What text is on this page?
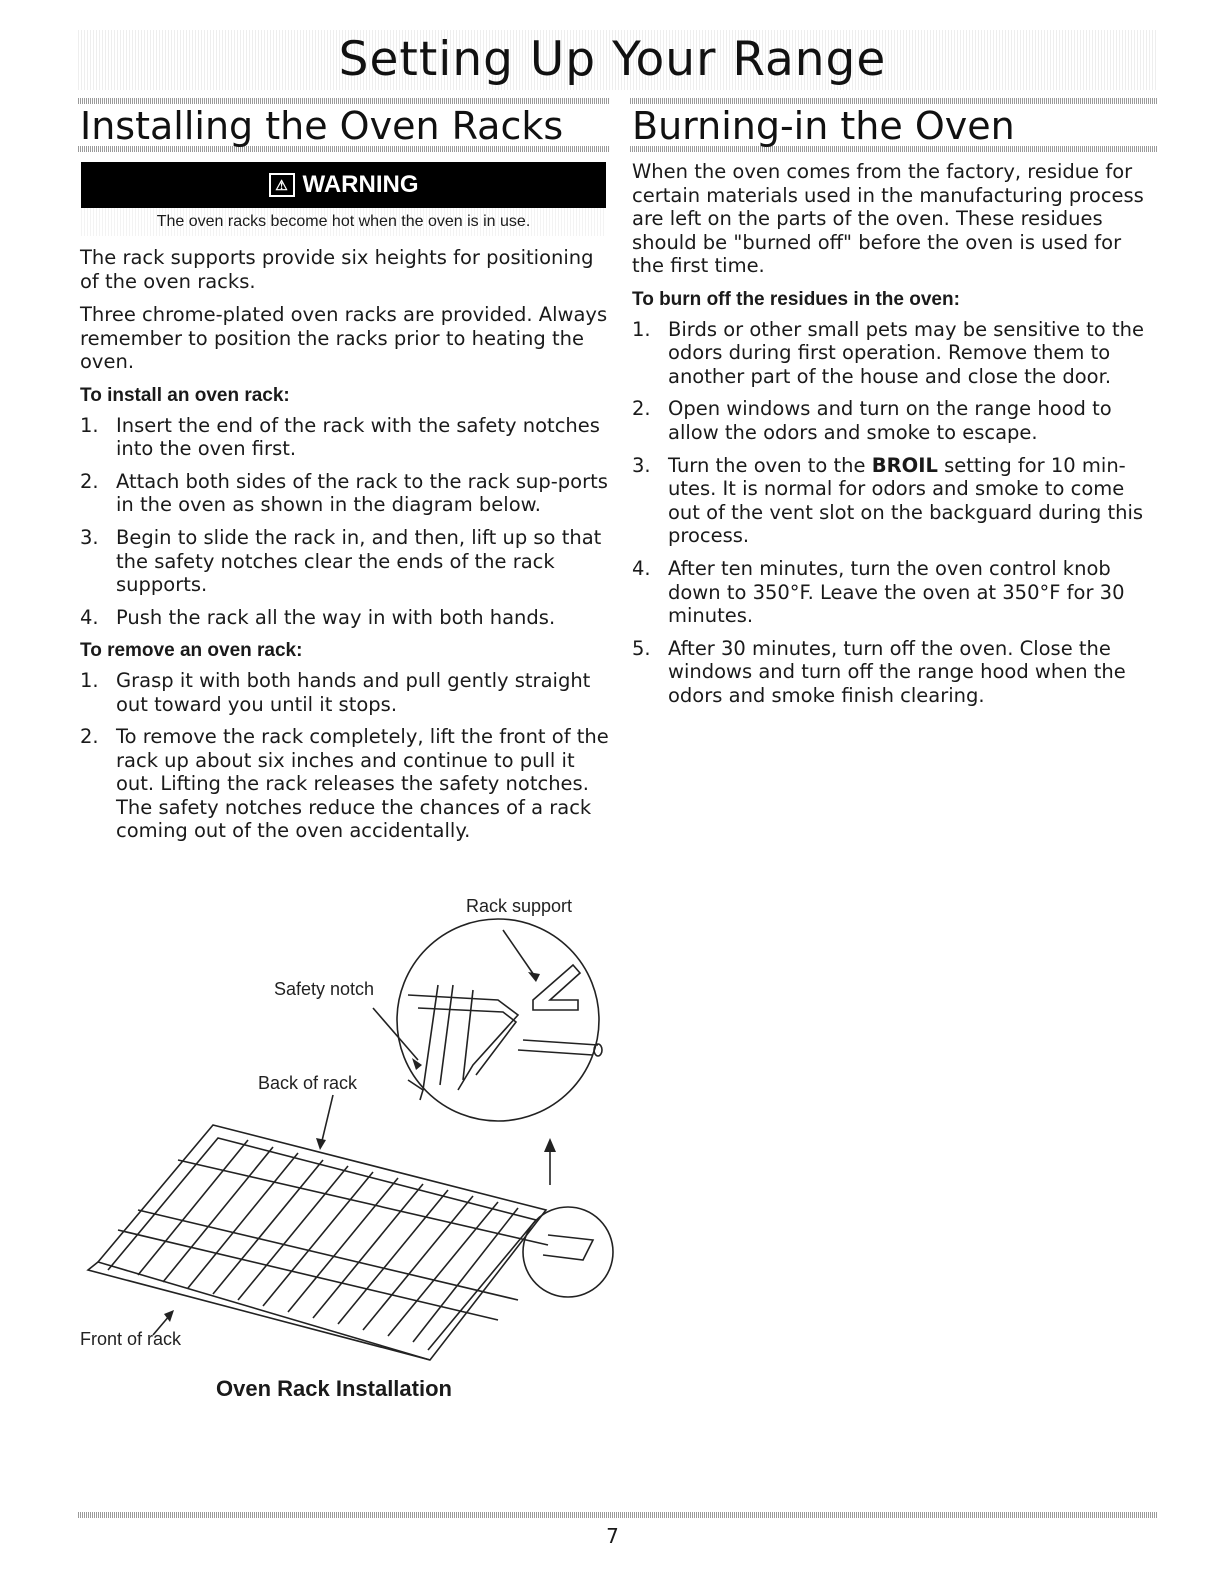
Setting Up Your Range
Installing the Oven Racks
⚠ WARNING
The oven racks become hot when the oven is in use.

The rack supports provide six heights for positioning of the oven racks.

Three chrome-plated oven racks are provided. Always remember to position the racks prior to heating the oven.

To install an oven rack:
1. Insert the end of the rack with the safety notches into the oven first.
2. Attach both sides of the rack to the rack sup-ports in the oven as shown in the diagram below.
3. Begin to slide the rack in, and then, lift up so that the safety notches clear the ends of the rack supports.
4. Push the rack all the way in with both hands.
To remove an oven rack:
1. Grasp it with both hands and pull gently straight out toward you until it stops.
2. To remove the rack completely, lift the front of the rack up about six inches and continue to pull it out. Lifting the rack releases the safety notches. The safety notches reduce the chances of a rack coming out of the oven accidentally.
Rack support
Safety notch
Back of rack
Front of rack
Oven Rack Installation
Burning-in the Oven

When the oven comes from the factory, residue for certain materials used in the manufacturing process are left on the parts of the oven. These residues should be "burned off" before the oven is used for the first time.

To burn off the residues in the oven:
1. Birds or other small pets may be sensitive to the odors during first operation. Remove them to another part of the house and close the door.
2. Open windows and turn on the range hood to allow the odors and smoke to escape.
3. Turn the oven to the BROIL setting for 10 min-utes. It is normal for odors and smoke to come out of the vent slot on the backguard during this process.
4. After ten minutes, turn the oven control knob down to 350°F. Leave the oven at 350°F for 30 minutes.
5. After 30 minutes, turn off the oven. Close the windows and turn off the range hood when the odors and smoke finish clearing.
7
